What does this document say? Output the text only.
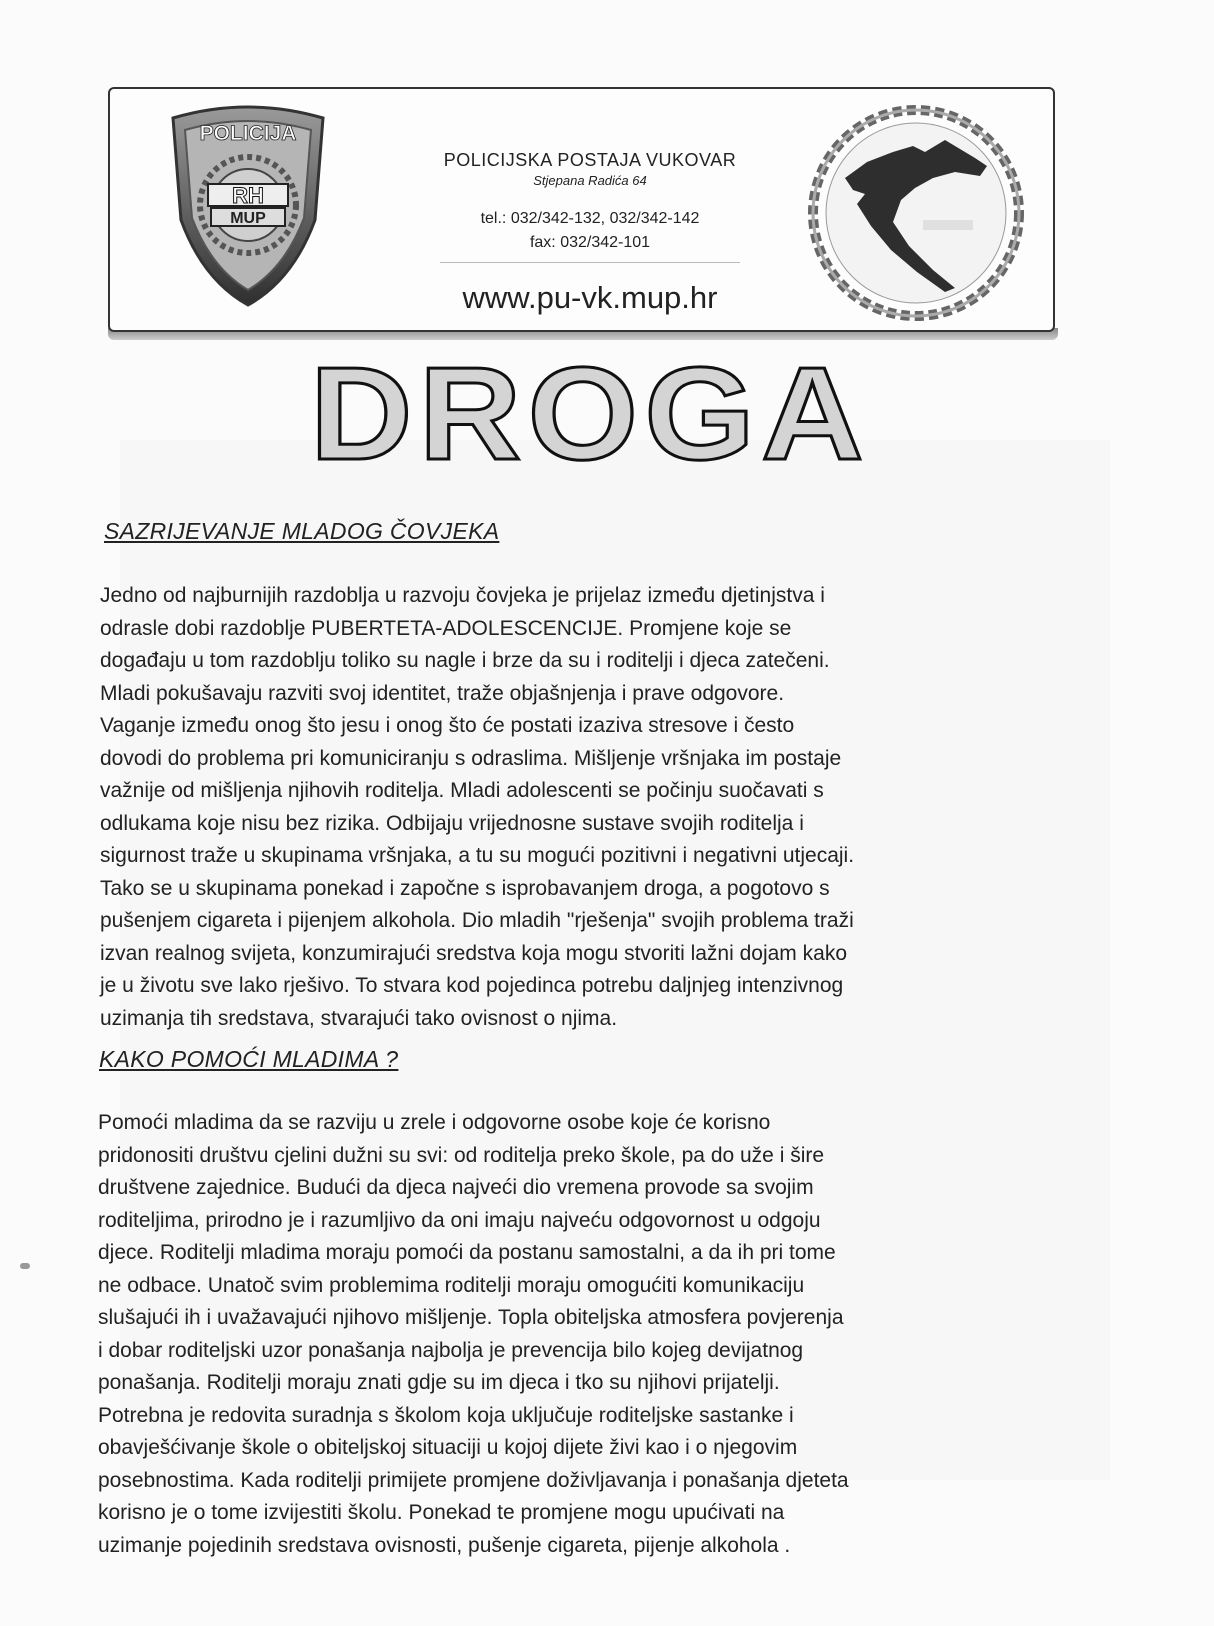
POLICIJA
RH
MUP

POLICIJSKA POSTAJA VUKOVAR

Stjepana Radića 64

tel.: 032/342-132, 032/342-142

fax: 032/342-101

www.pu-vk.mup.hr

DROGA
SAZRIJEVANJE MLADOG ČOVJEKA

Jedno od najburnijih razdoblja u razvoju čovjeka je prijelaz između djetinjstva i
odrasle dobi razdoblje PUBERTETA-ADOLESCENCIJE. Promjene koje se
događaju u tom razdoblju toliko su nagle i brze da su i roditelji i djeca zatečeni.
Mladi pokušavaju razviti svoj identitet, traže objašnjenja i prave odgovore.
Vaganje između onog što jesu i onog što će postati izaziva stresove i često
dovodi do problema pri komuniciranju s odraslima. Mišljenje vršnjaka im postaje
važnije od mišljenja njihovih roditelja. Mladi adolescenti se počinju suočavati s
odlukama koje nisu bez rizika. Odbijaju vrijednosne sustave svojih roditelja i
sigurnost traže u skupinama vršnjaka, a tu su mogući pozitivni i negativni utjecaji.
Tako se u skupinama ponekad i započne s isprobavanjem droga, a pogotovo s
pušenjem cigareta i pijenjem alkohola. Dio mladih "rješenja" svojih problema traži
izvan realnog svijeta, konzumirajući sredstva koja mogu stvoriti lažni dojam kako
je u životu sve lako rješivo. To stvara kod pojedinca potrebu daljnjeg intenzivnog
uzimanja tih sredstava, stvarajući tako ovisnost o njima.

KAKO POMOĆI MLADIMA ?

Pomoći mladima da se razviju u zrele i odgovorne osobe koje će korisno
pridonositi društvu cjelini dužni su svi: od roditelja preko škole, pa do uže i šire
društvene zajednice. Budući da djeca najveći dio vremena provode sa svojim
roditeljima, prirodno je i razumljivo da oni imaju najveću odgovornost u odgoju
djece. Roditelji mladima moraju pomoći da postanu samostalni, a da ih pri tome
ne odbace. Unatoč svim problemima roditelji moraju omogućiti komunikaciju
slušajući ih i uvažavajući njihovo mišljenje. Topla obiteljska atmosfera povjerenja
i dobar roditeljski uzor ponašanja najbolja je prevencija bilo kojeg devijatnog
ponašanja. Roditelji moraju znati gdje su im djeca i tko su njihovi prijatelji.
Potrebna je redovita suradnja s školom koja uključuje roditeljske sastanke i
obavješćivanje škole o obiteljskoj situaciji u kojoj dijete živi kao i o njegovim
posebnostima. Kada roditelji primijete promjene doživljavanja i ponašanja djeteta
korisno je o tome izvijestiti školu. Ponekad te promjene mogu upućivati na
uzimanje pojedinih sredstava ovisnosti, pušenje cigareta, pijenje alkohola .
